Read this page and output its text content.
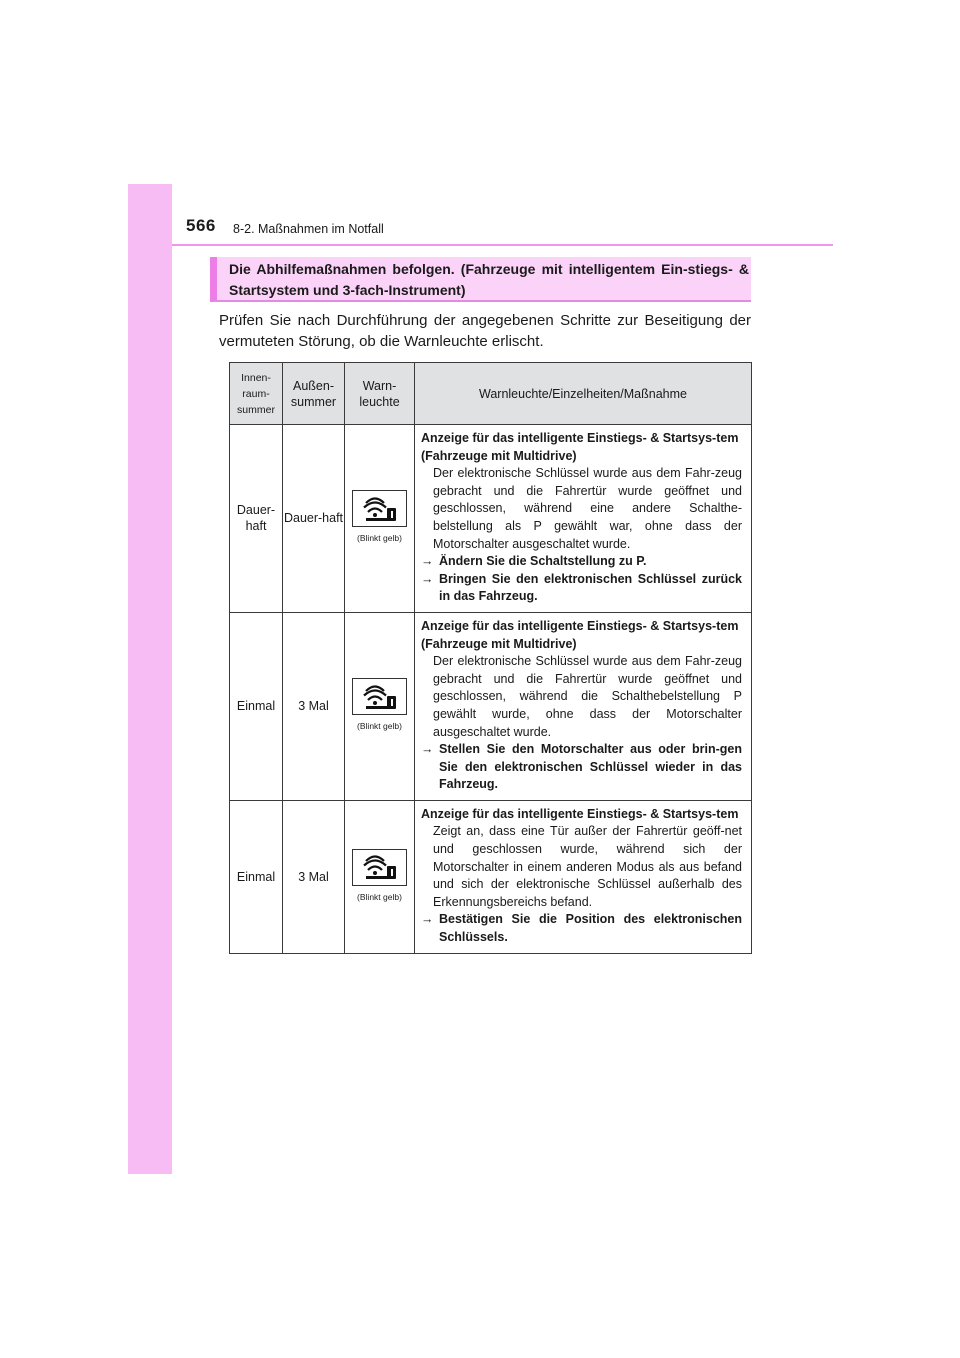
566 8-2. Maßnahmen im Notfall
Die Abhilfemaßnahmen befolgen. (Fahrzeuge mit intelligentem Ein-stiegs- & Startsystem und 3-fach-Instrument)
Prüfen Sie nach Durchführung der angegebenen Schritte zur Beseitigung der vermuteten Störung, ob die Warnleuchte erlischt.
Innen-raum-summer	Außen-summer	Warn-leuchte	Warnleuchte/Einzelheiten/Maßnahme
Dauer-haft	Dauer-haft	(Blinkt gelb)	Anzeige für das intelligente Einstiegs- & Startsys-tem (Fahrzeuge mit Multidrive)
Der elektronische Schlüssel wurde aus dem Fahr-zeug gebracht und die Fahrertür wurde geöffnet und geschlossen, während eine andere Schalthe-belstellung als P gewählt war, ohne dass der Motorschalter ausgeschaltet wurde.
→ Ändern Sie die Schaltstellung zu P.
→ Bringen Sie den elektronischen Schlüssel zurück in das Fahrzeug.

Einmal	3 Mal	(Blinkt gelb)	Anzeige für das intelligente Einstiegs- & Startsys-tem (Fahrzeuge mit Multidrive)
Der elektronische Schlüssel wurde aus dem Fahr-zeug gebracht und die Fahrertür wurde geöffnet und geschlossen, während die Schalthebelstellung P gewählt wurde, ohne dass der Motorschalter ausgeschaltet wurde.
→ Stellen Sie den Motorschalter aus oder brin-gen Sie den elektronischen Schlüssel wieder in das Fahrzeug.

Einmal	3 Mal	(Blinkt gelb)	Anzeige für das intelligente Einstiegs- & Startsys-tem
Zeigt an, dass eine Tür außer der Fahrertür geöff-net und geschlossen wurde, während sich der Motorschalter in einem anderen Modus als aus befand und sich der elektronische Schlüssel außerhalb des Erkennungsbereichs befand.
→ Bestätigen Sie die Position des elektronischen Schlüssels.
